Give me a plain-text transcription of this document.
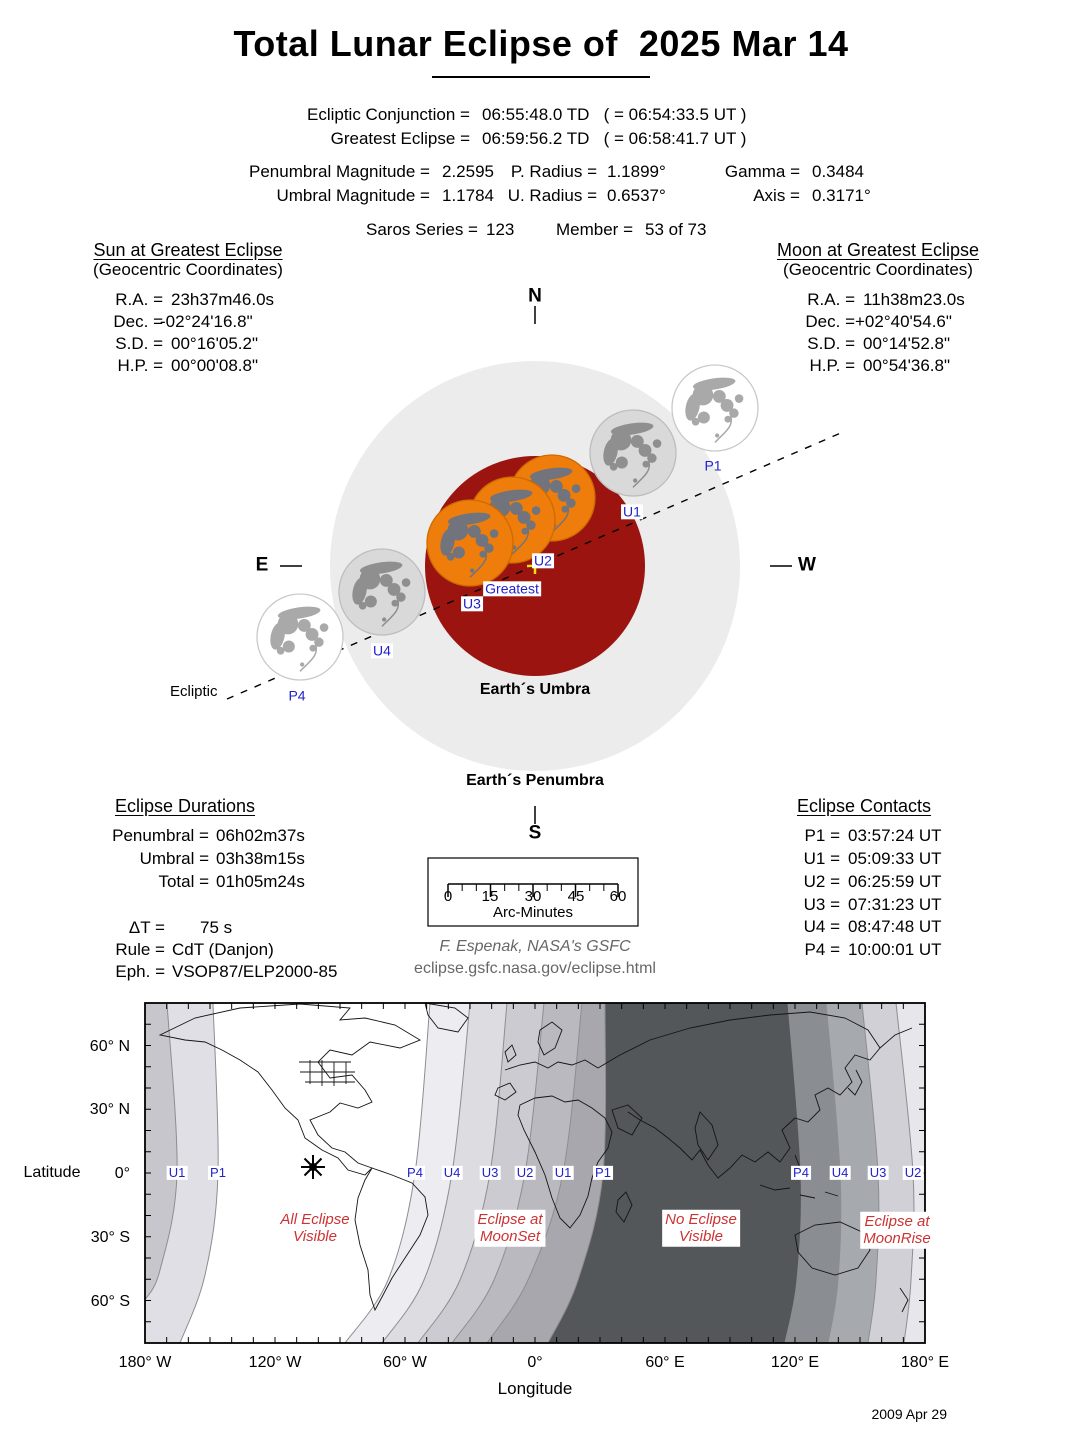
Total Lunar Eclipse of  2025 Mar 14
Ecliptic Conjunction = 06:55:48.0 TD   ( = 06:54:33.5 UT )
Greatest Eclipse = 06:59:56.2 TD   ( = 06:58:41.7 UT )
Penumbral Magnitude = 2.2595 P. Radius = 1.1899°	Gamma = 0.3484
Umbral Magnitude = 1.1784 U. Radius = 0.6537°	Axis = 0.3171°
Saros Series = 123 Member = 53 of 73
Sun at Greatest Eclipse
(Geocentric Coordinates)
R.A. = 23h37m46.0s
Dec. =
-02°24'16.8"
S.D. = 00°16'05.2"
H.P. = 00°00'08.8"
Moon at Greatest Eclipse
(Geocentric Coordinates)
R.A. = 11h38m23.0s
Dec. = +02°40'54.6"
S.D. = 00°14'52.8"
H.P. = 00°54'36.8"
N
S
E	W
Ecliptic	Earth´s Umbra
Earth´s Penumbra
P1
U1
U2
Greatest
U3
U4
P4
Eclipse Durations
Penumbral = 06h02m37s
Umbral = 03h38m15s
Total = 01h05m24s
ΔT =	75 s
Rule = CdT (Danjon)
Eph. = VSOP87/ELP2000-85
Eclipse Contacts
P1 = 03:57:24 UT
U1 = 05:09:33 UT
U2 = 06:25:59 UT
U3 = 07:31:23 UT
U4 = 08:47:48 UT
P4 = 10:00:01 UT
0 15 30 45 60
Arc-Minutes
F. Espenak, NASA's GSFC
eclipse.gsfc.nasa.gov/eclipse.html
Latitude
60° N
30° N
0°
30° S
60° S
180° W	120° W	60° W	0°	60° E	120° E	180° E
Longitude
U1 P1	P4 U4 U3 U2 U1 P1	P4 U4 U3 U2
All Eclipse
Visible
Eclipse at
MoonSet
No Eclipse
Visible
Eclipse at
MoonRise
2009 Apr 29
